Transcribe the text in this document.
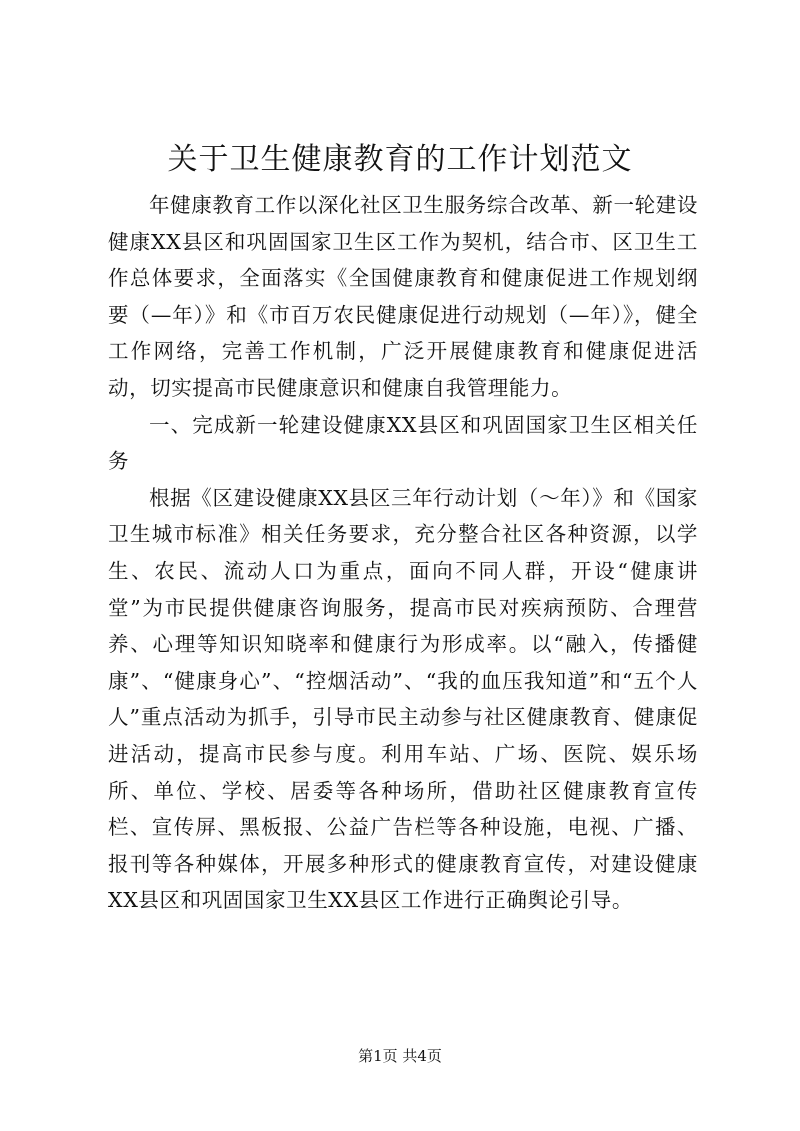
关于卫生健康教育的工作计划范文

年健康教育工作以深化社区卫生服务综合改革、新一轮建设健康XX县区和巩固国家卫生区工作为契机，结合市、区卫生工作总体要求，全面落实《全国健康教育和健康促进工作规划纲要（—年）》和《市百万农民健康促进行动规划（—年）》，健全工作网络，完善工作机制，广泛开展健康教育和健康促进活动，切实提高市民健康意识和健康自我管理能力。

一、完成新一轮建设健康XX县区和巩固国家卫生区相关任务

根据《区建设健康XX县区三年行动计划（～年）》和《国家卫生城市标准》相关任务要求，充分整合社区各种资源，以学生、农民、流动人口为重点，面向不同人群，开设“健康讲堂”为市民提供健康咨询服务，提高市民对疾病预防、合理营养、心理等知识知晓率和健康行为形成率。以“融入，传播健康”、“健康身心”、“控烟活动”、“我的血压我知道”和“五个人人”重点活动为抓手，引导市民主动参与社区健康教育、健康促进活动，提高市民参与度。利用车站、广场、医院、娱乐场所、单位、学校、居委等各种场所，借助社区健康教育宣传栏、宣传屏、黑板报、公益广告栏等各种设施，电视、广播、报刊等各种媒体，开展多种形式的健康教育宣传，对建设健康XX县区和巩固国家卫生XX县区工作进行正确舆论引导。

第1页 共4页
